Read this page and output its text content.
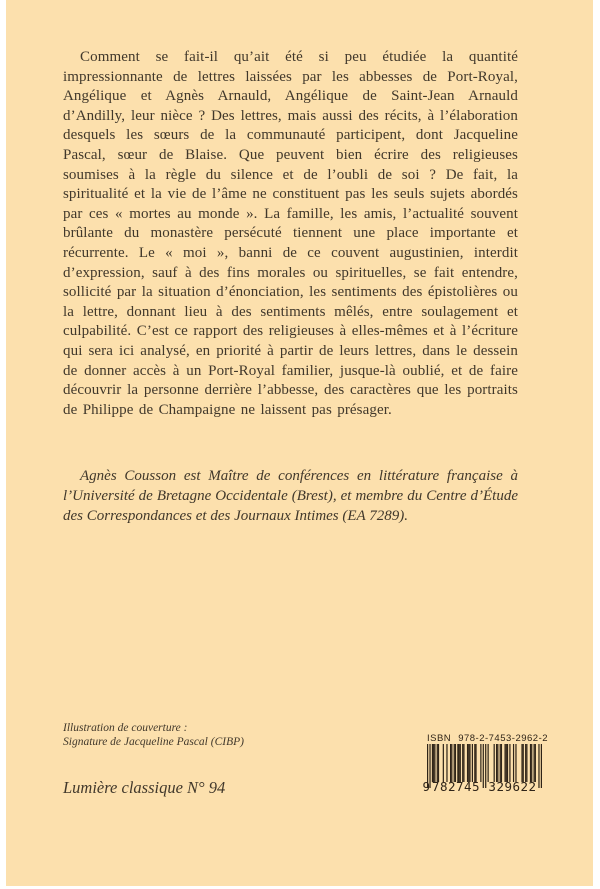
Comment se fait-il qu’ait été si peu étudiée la quantité impressionnante de lettres laissées par les abbesses de Port-Royal, Angélique et Agnès Arnauld, Angélique de Saint-Jean Arnauld d’Andilly, leur nièce ? Des lettres, mais aussi des récits, à l’élaboration desquels les sœurs de la communauté participent, dont Jacqueline Pascal, sœur de Blaise. Que peuvent bien écrire des religieuses soumises à la règle du silence et de l’oubli de soi ? De fait, la spiritualité et la vie de l’âme ne constituent pas les seuls sujets abordés par ces « mortes au monde ». La famille, les amis, l’actualité souvent brûlante du monastère persécuté tiennent une place importante et récurrente. Le « moi », banni de ce couvent augustinien, interdit d’expression, sauf à des fins morales ou spirituelles, se fait entendre, sollicité par la situation d’énonciation, les sentiments des épistolières ou la lettre, donnant lieu à des sentiments mêlés, entre soulagement et culpabilité. C’est ce rapport des religieuses à elles-mêmes et à l’écriture qui sera ici analysé, en priorité à partir de leurs lettres, dans le dessein de donner accès à un Port-Royal familier, jusque-là oublié, et de faire découvrir la personne derrière l’abbesse, des caractères que les portraits de Philippe de Champaigne ne laissent pas présager.

Agnès Cousson est Maître de conférences en littérature française à l’Université de Bretagne Occidentale (Brest), et membre du Centre d’Étude des Correspondances et des Journaux Intimes (EA 7289).

Illustration de couverture :
Signature de Jacqueline Pascal (CIBP)
Lumière classique N° 94
ISBN 978-2-7453-2962-2
9 782745 329622
